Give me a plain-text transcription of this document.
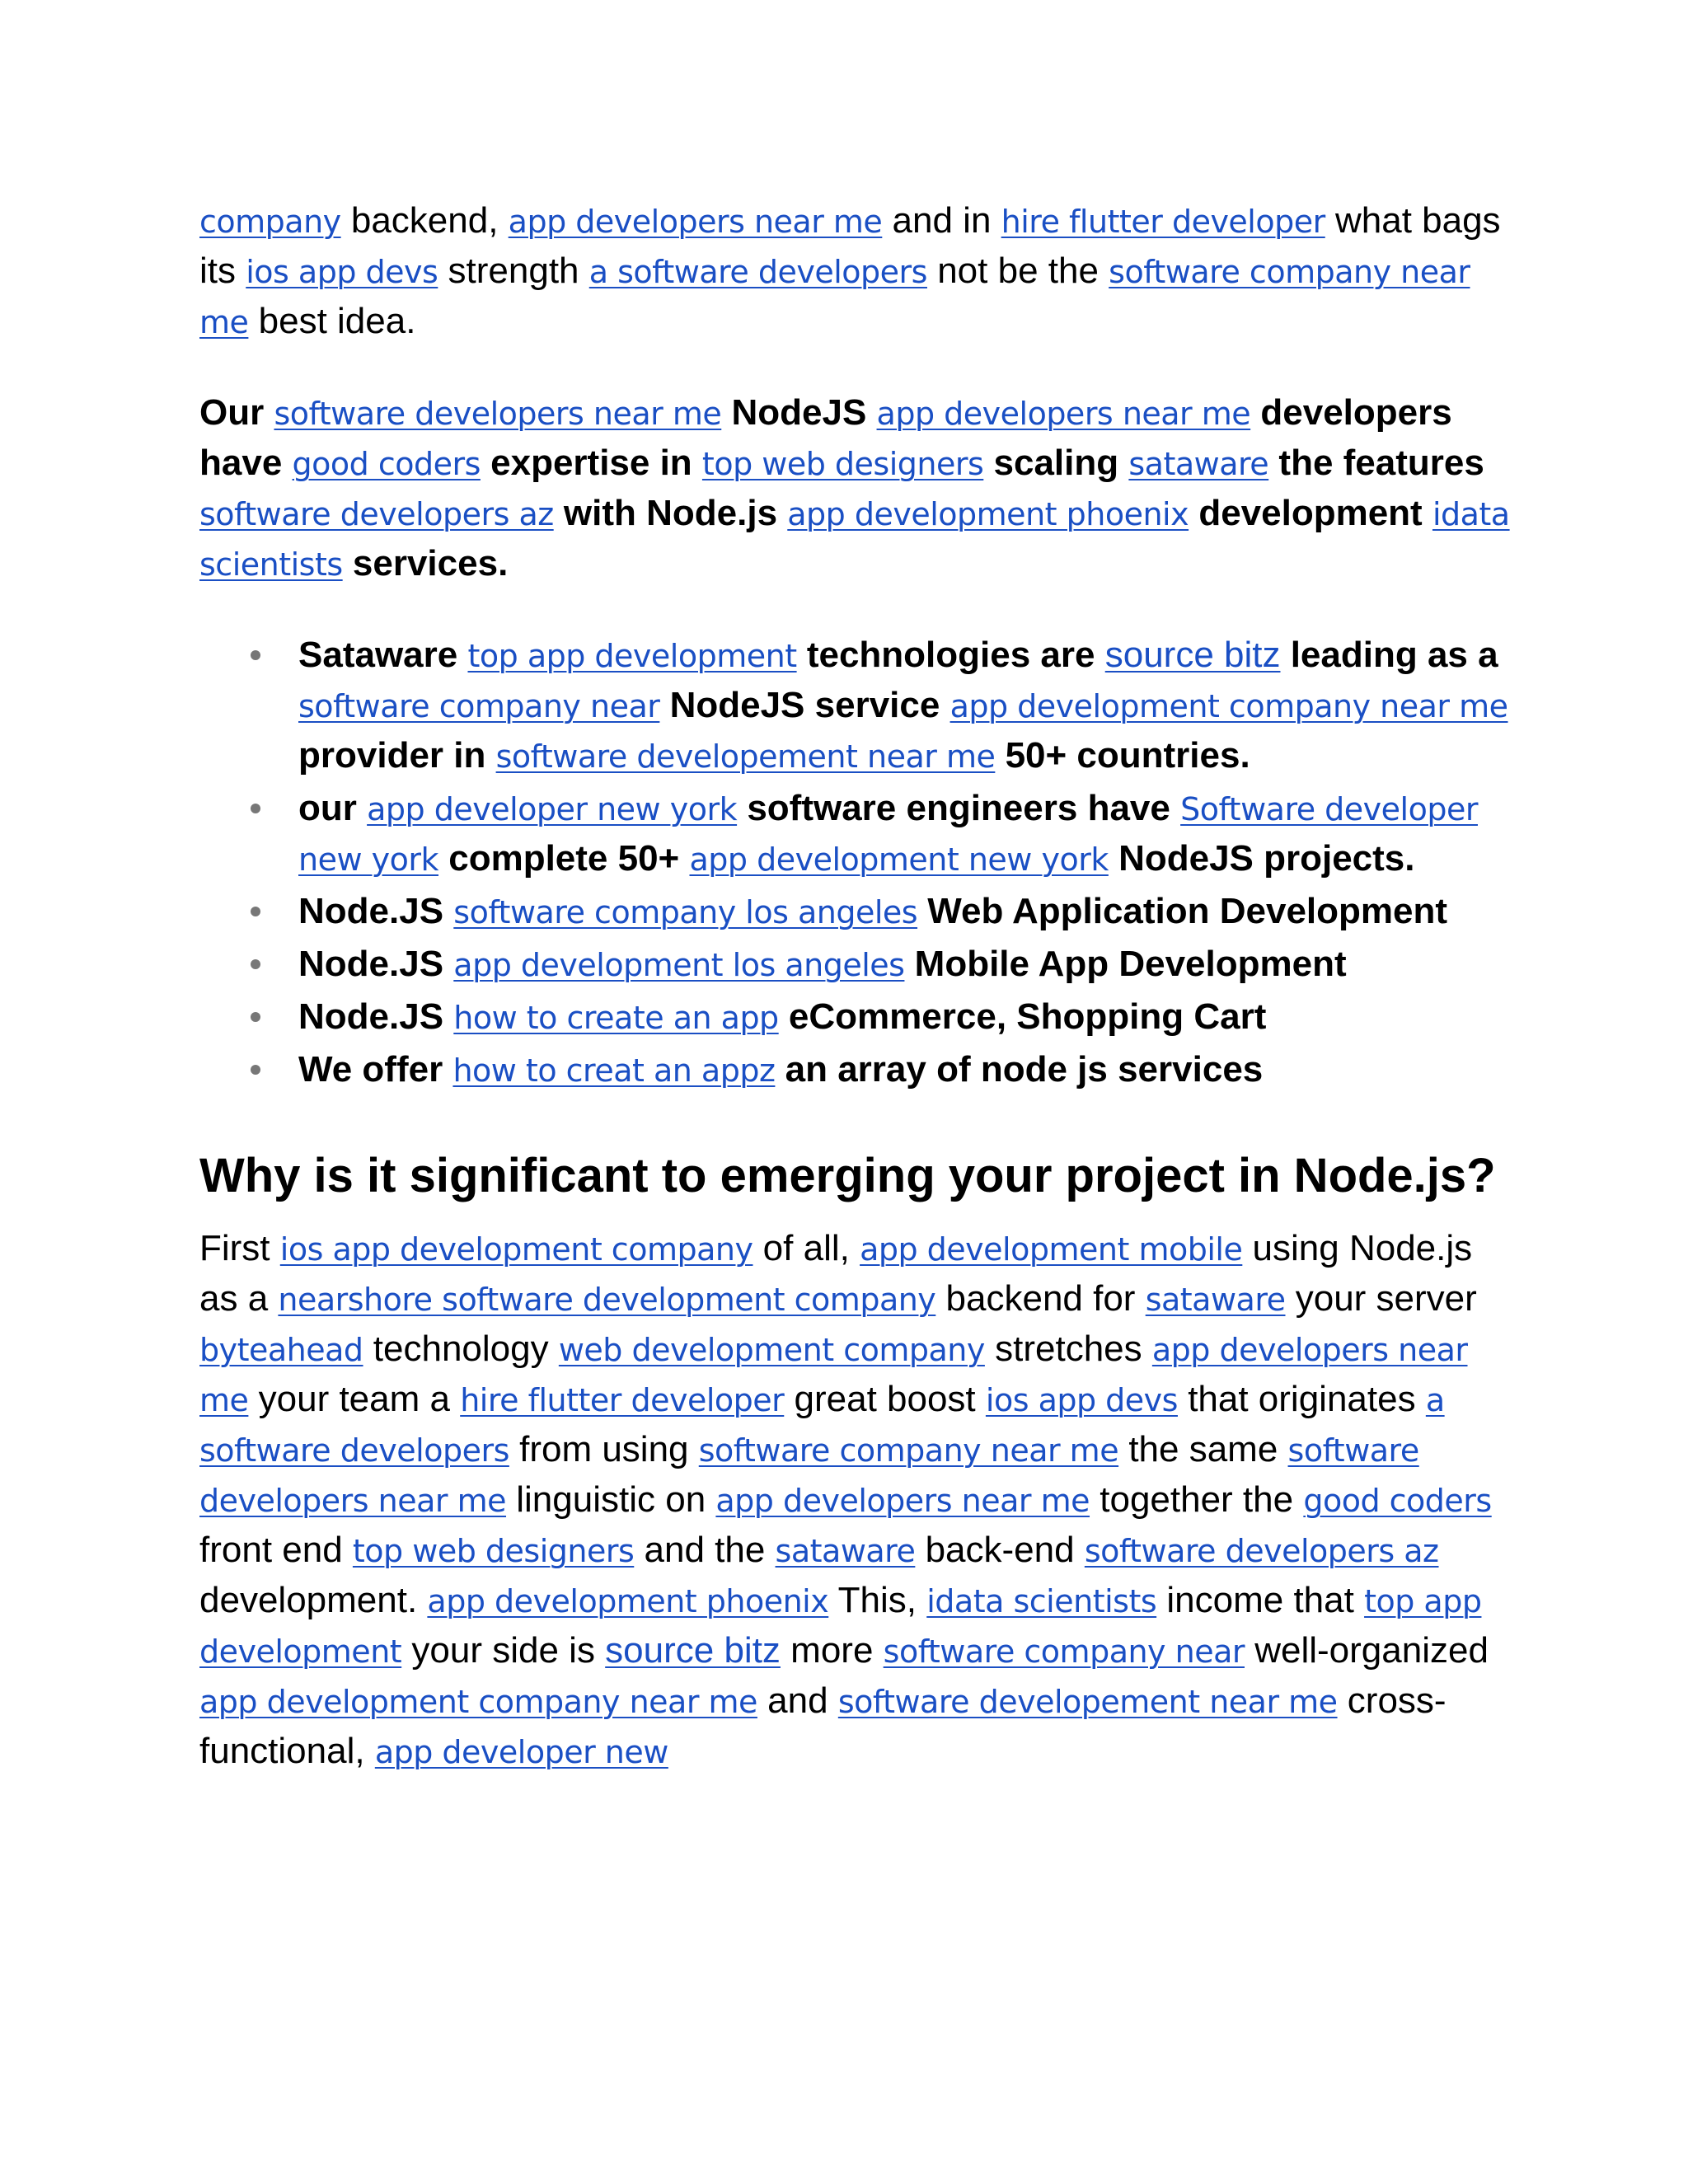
company backend, app developers near me and in hire flutter developer what bags its ios app devs strength a software developers not be the software company near me best idea.

Our software developers near me NodeJS app developers near me developers have good coders expertise in top web designers scaling sataware the features software developers az with Node.js app development phoenix development idata scientists services.

Sataware top app development technologies are source bitz leading as a software company near NodeJS service app development company near me provider in software developement near me 50+ countries.
our app developer new york software engineers have Software developer new york complete 50+ app development new york NodeJS projects.
Node.JS software company los angeles Web Application Development
Node.JS app development los angeles Mobile App Development
Node.JS how to create an app eCommerce, Shopping Cart
We offer how to creat an appz an array of node js services
Why is it significant to emerging your project in Node.js?

First ios app development company of all, app development mobile using Node.js as a nearshore software development company backend for sataware your server byteahead technology web development company stretches app developers near me your team a hire flutter developer great boost ios app devs that originates a software developers from using software company near me the same software developers near me linguistic on app developers near me together the good coders front end top web designers and the sataware back-end software developers az development. app development phoenix This, idata scientists income that top app development your side is source bitz more software company near well-organized app development company near me and software developement near me cross-functional, app developer new
